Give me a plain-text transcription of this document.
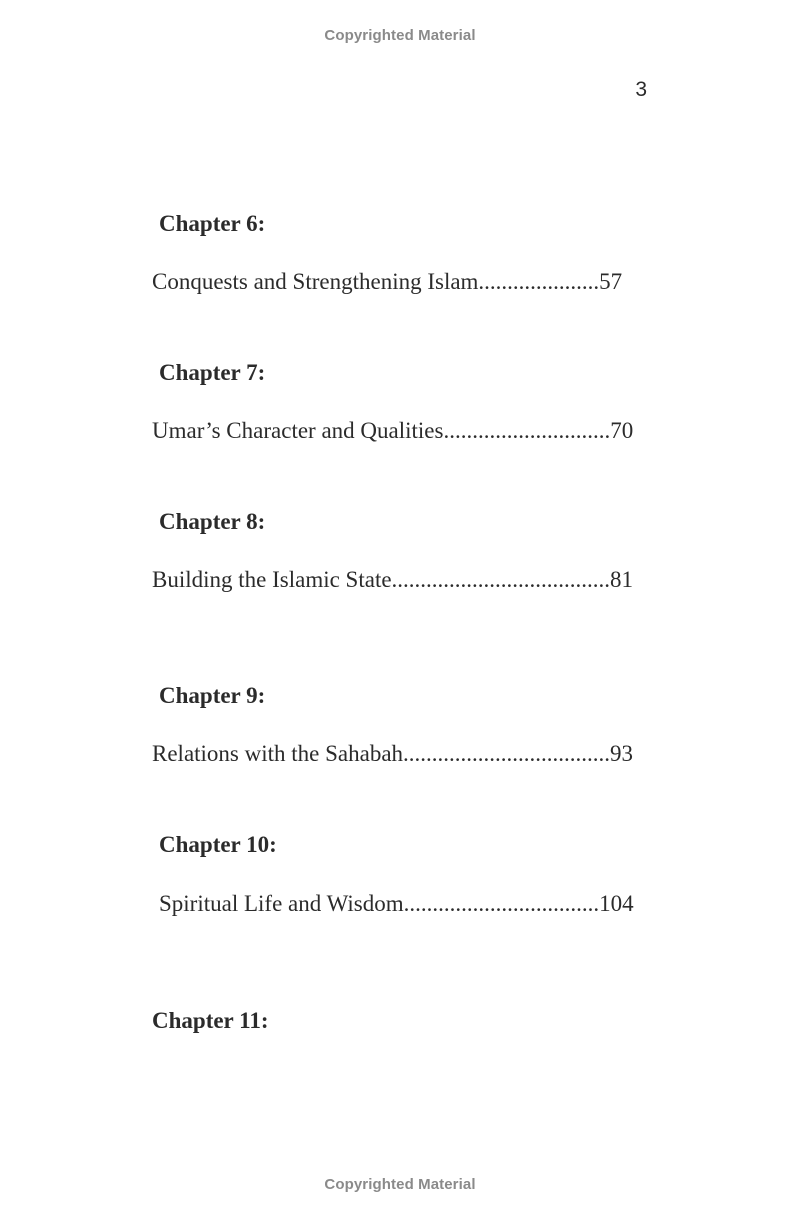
Copyrighted Material
3
Chapter 6:
Conquests and Strengthening Islam.....................57
Chapter 7:
Umar’s Character and Qualities.............................70
Chapter 8:
Building the Islamic State......................................81
Chapter 9:
Relations with the Sahabah....................................93
Chapter 10:
Spiritual Life and Wisdom..................................104
Chapter 11:
Copyrighted Material
